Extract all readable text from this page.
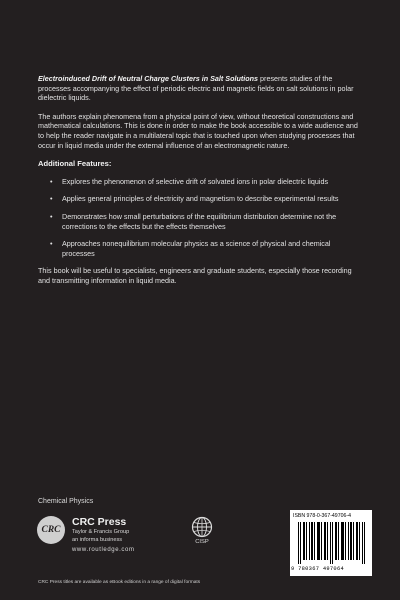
Electroinduced Drift of Neutral Charge Clusters in Salt Solutions presents studies of the processes accompanying the effect of periodic electric and magnetic fields on salt solutions in polar dielectric liquids.

The authors explain phenomena from a physical point of view, without theoretical constructions and mathematical calculations. This is done in order to make the book accessible to a wide audience and to help the reader navigate in a multilateral topic that is touched upon when studying processes that occur in liquid media under the external influence of an electromagnetic nature.

Additional Features:
• Explores the phenomenon of selective drift of solvated ions in polar dielectric liquids
• Applies general principles of electricity and magnetism to describe experimental results
• Demonstrates how small perturbations of the equilibrium distribution determine not the corrections to the effects but the effects themselves
• Approaches nonequilibrium molecular physics as a science of physical and chemical processes

This book will be useful to specialists, engineers and graduate students, especially those recording and transmitting information in liquid media.

Chemical Physics
CRC
CRC Press
Taylor & Francis Group
an informa business
www.routledge.com
CISP
ISBN 978-0-367-49706-4
9 780367 497064
CRC Press titles are available as eBook editions in a range of digital formats
